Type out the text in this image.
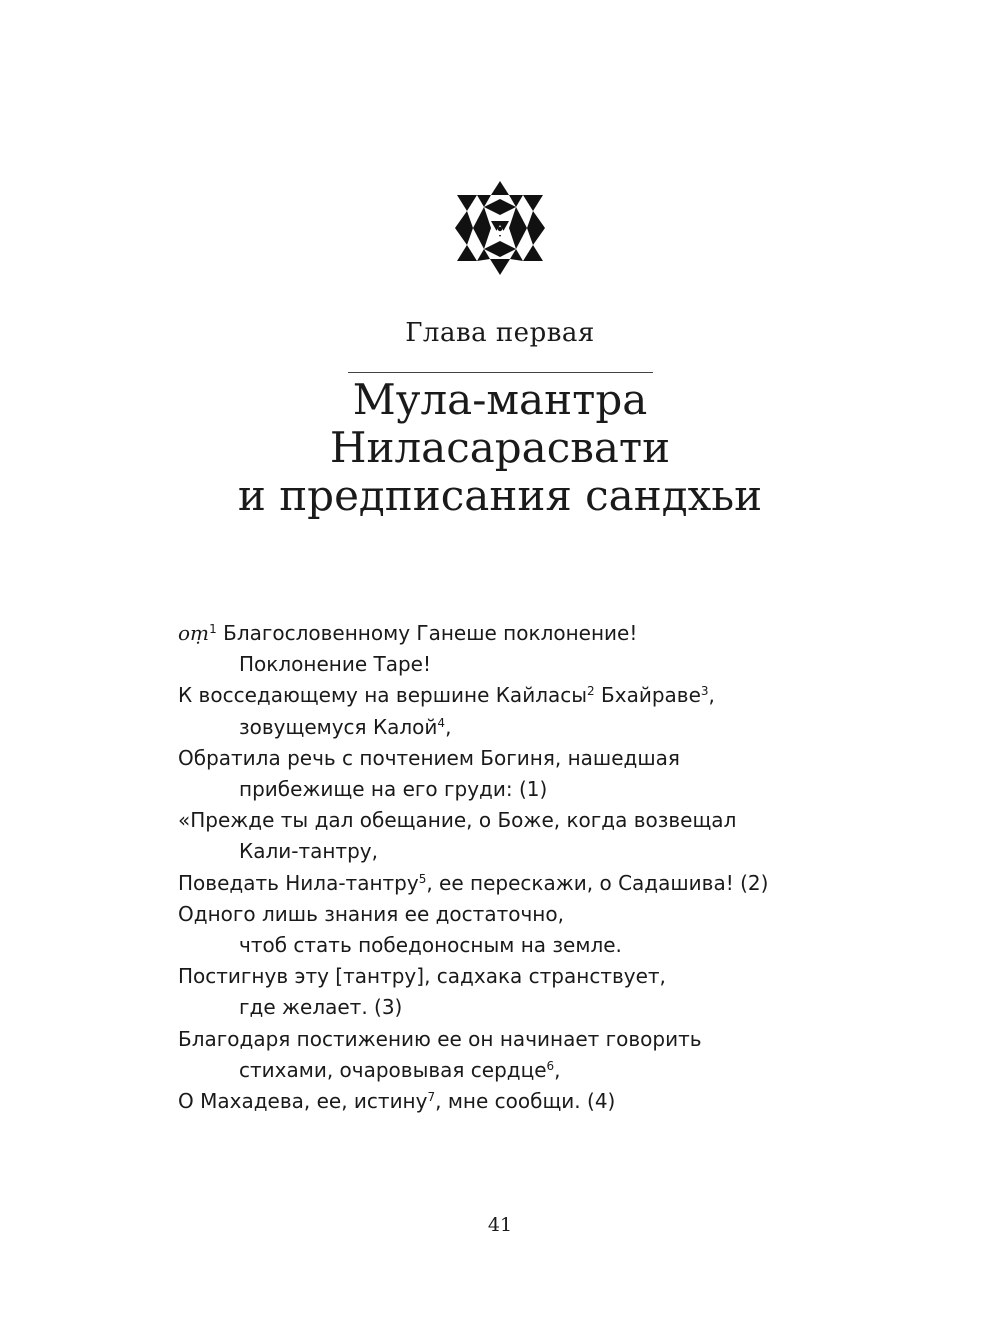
Глава первая
Мула-мантра
Ниласарасвати
и предписания сандхьи
oṃ$^1$ Благословенному Ганеше поклонение!
Поклонение Таре!
К восседающему на вершине Кайласы$^2$ Бхайраве$^3$,
зовущемуся Калой$^4$,
Обратила речь с почтением Богиня, нашедшая
прибежище на его груди: (1)
«Прежде ты дал обещание, о Боже, когда возвещал
Кали-тантру,
Поведать Нила-тантру$^5$, ее перескажи, о Садашива! (2)
Одного лишь знания ее достаточно,
чтоб стать победоносным на земле.
Постигнув эту [тантру], садхака странствует,
где желает. (3)
Благодаря постижению ее он начинает говорить
стихами, очаровывая сердце$^6$,
О Махадева, ее, истину$^7$, мне сообщи. (4)
41
